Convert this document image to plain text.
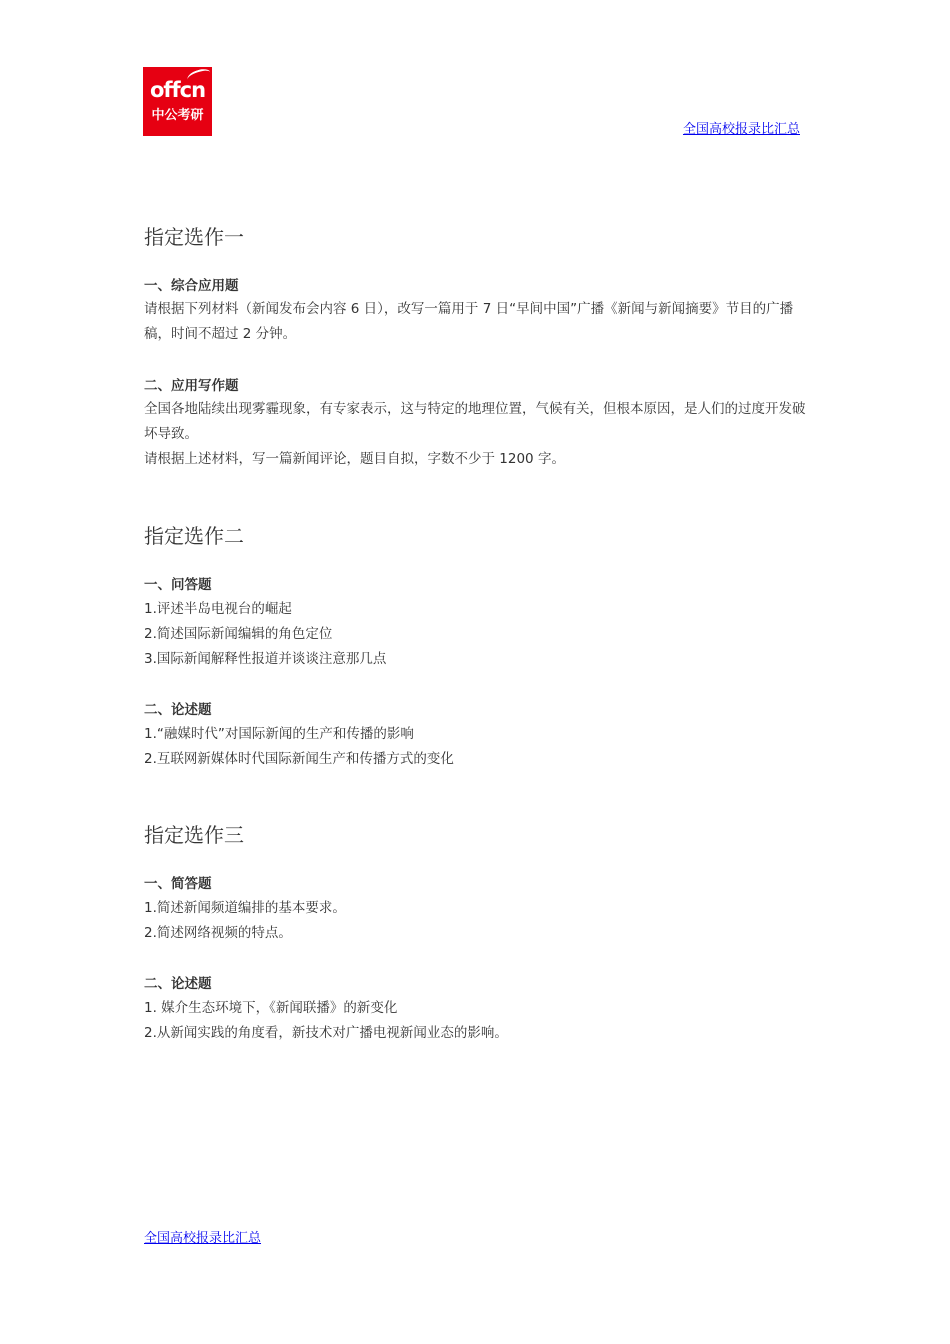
offcn
中公考研
全国高校报录比汇总
指定选作一
一、综合应用题

请根据下列材料（新闻发布会内容 6 日），改写一篇用于 7 日“早间中国”广播《新闻与新闻摘要》节目的广播稿，时间不超过 2 分钟。

二、应用写作题

全国各地陆续出现雾霾现象，有专家表示，这与特定的地理位置，气候有关，但根本原因，是人们的过度开发破坏导致。

请根据上述材料，写一篇新闻评论，题目自拟，字数不少于 1200 字。

指定选作二
一、问答题
1.评述半岛电视台的崛起
2.简述国际新闻编辑的角色定位
3.国际新闻解释性报道并谈谈注意那几点
二、论述题
1.“融媒时代”对国际新闻的生产和传播的影响
2.互联网新媒体时代国际新闻生产和传播方式的变化
指定选作三
一、简答题
1.简述新闻频道编排的基本要求。
2.简述网络视频的特点。
二、论述题
1. 媒介生态环境下，《新闻联播》的新变化
2.从新闻实践的角度看，新技术对广播电视新闻业态的影响。
全国高校报录比汇总
